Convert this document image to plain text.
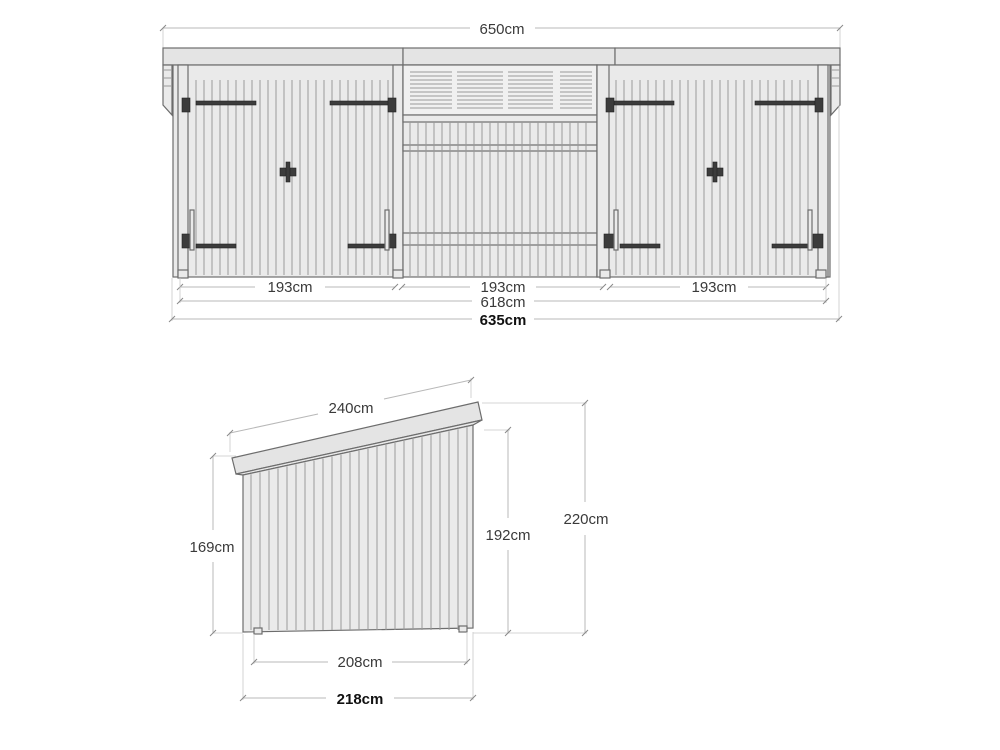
650cm
193cm	193cm	193cm
618cm
635cm
240cm
169cm
192cm
220cm
208cm
218cm
